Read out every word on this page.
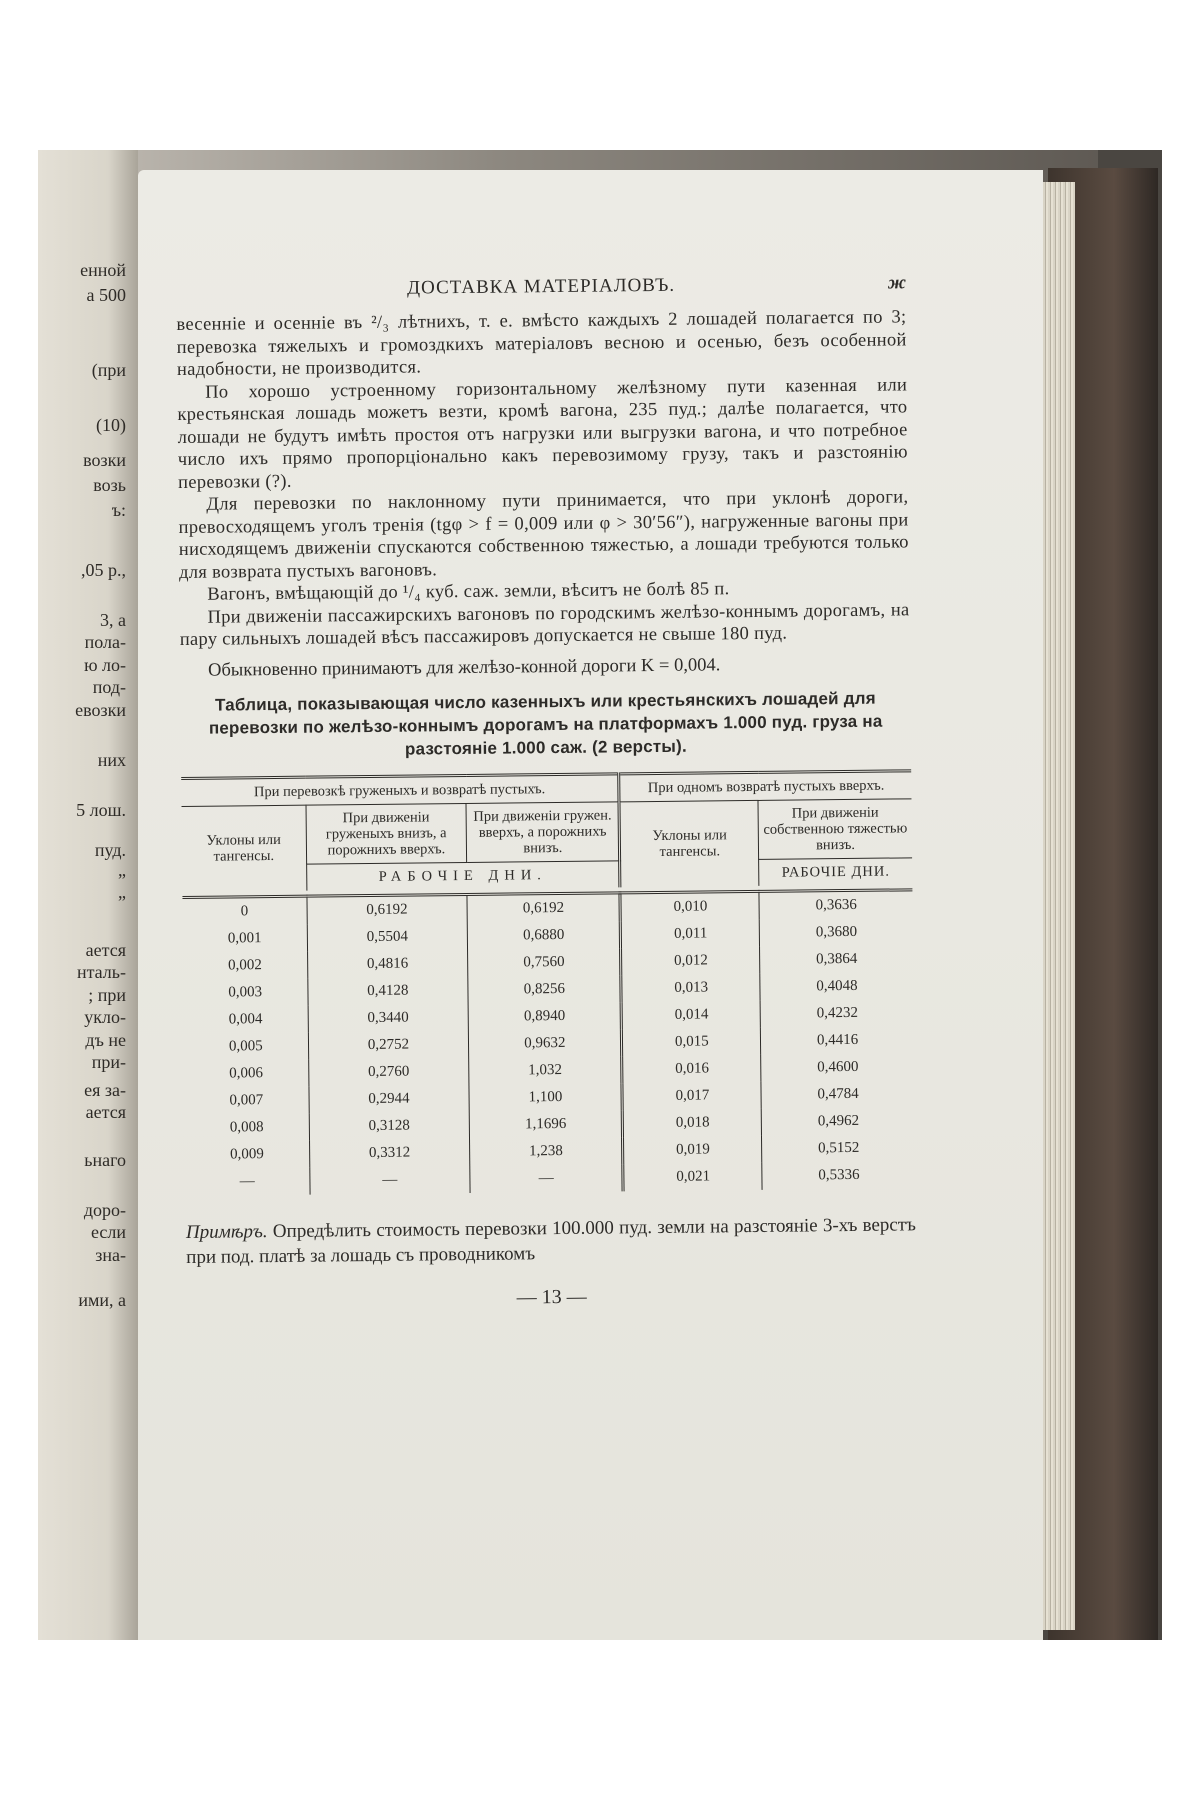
енной
а 500
(при
(10)
возки
возь
ъ:
,05 р.,
3, а
пола-
ю ло-
под-
евозки
них
5 лош.
пуд.
”
”
ается
нталь-
; при
укло-
дъ не
при-
ея за-
ается
ьнаго
доро-
если
зна-
ими, а
ДОСТАВКА МАТЕРІАЛОВЪ.	ж

весенніе и осенніе въ ²/₃ лѣтнихъ, т. е. вмѣсто каждыхъ 2 лошадей полагается по 3; перевозка тяжелыхъ и громоздкихъ матеріаловъ весною и осенью, безъ особенной надобности, не производится.

По хорошо устроенному горизонтальному желѣзному пути казенная или крестьянская лошадь можетъ везти, кромѣ вагона, 235 пуд.; далѣе полагается, что лошади не будутъ имѣть простоя отъ нагрузки или выгрузки вагона, и что потребное число ихъ прямо пропорціонально какъ перевозимому грузу, такъ и разстоянію перевозки (?).

Для перевозки по наклонному пути принимается, что при уклонѣ дороги, превосходящемъ уголъ тренія (tgφ > f = 0,009 или φ > 30′56″), нагруженные вагоны при нисходящемъ движеніи спускаются собственною тяжестью, а лошади требуются только для возврата пустыхъ вагоновъ.

Вагонъ, вмѣщающій до ¹/₄ куб. саж. земли, вѣситъ не болѣ 85 п.

При движеніи пассажирскихъ вагоновъ по городскимъ желѣзо-коннымъ дорогамъ, на пару сильныхъ лошадей вѣсъ пассажировъ допускается не свыше 180 пуд.

Обыкновенно принимаютъ для желѣзо-конной дороги K = 0,004.

Таблица, показывающая число казенныхъ или крестьянскихъ лошадей для перевозки по желѣзо-коннымъ дорогамъ на платформахъ 1.000 пуд. груза на разстояніе 1.000 саж. (2 версты).
При перевозкѣ груженыхъ и возвратѣ пустыхъ.			При одномъ возвратѣ пустыхъ вверхъ.	
Уклоны или тангенсы.	При движеніи груженыхъ внизъ, а порожнихъ вверхъ.	При движеніи гружен. вверхъ, а порожнихъ внизъ.	Уклоны или тангенсы.	При движеніи собственною тяжестью внизъ.
	РАБОЧІЕ ДНИ.			РАБОЧІЕ ДНИ.

0	0,6192	0,6192	0,010	0,3636
0,001	0,5504	0,6880	0,011	0,3680
0,002	0,4816	0,7560	0,012	0,3864
0,003	0,4128	0,8256	0,013	0,4048
0,004	0,3440	0,8940	0,014	0,4232
0,005	0,2752	0,9632	0,015	0,4416
0,006	0,2760	1,032	0,016	0,4600
0,007	0,2944	1,100	0,017	0,4784
0,008	0,3128	1,1696	0,018	0,4962
0,009	0,3312	1,238	0,019	0,5152
—	—	—	0,021	0,5336
Примѣръ. Опредѣлить стоимость перевозки 100.000 пуд. земли на разстояніе 3-хъ верстъ при под. платѣ за лошадь съ проводникомъ
— 13 —
